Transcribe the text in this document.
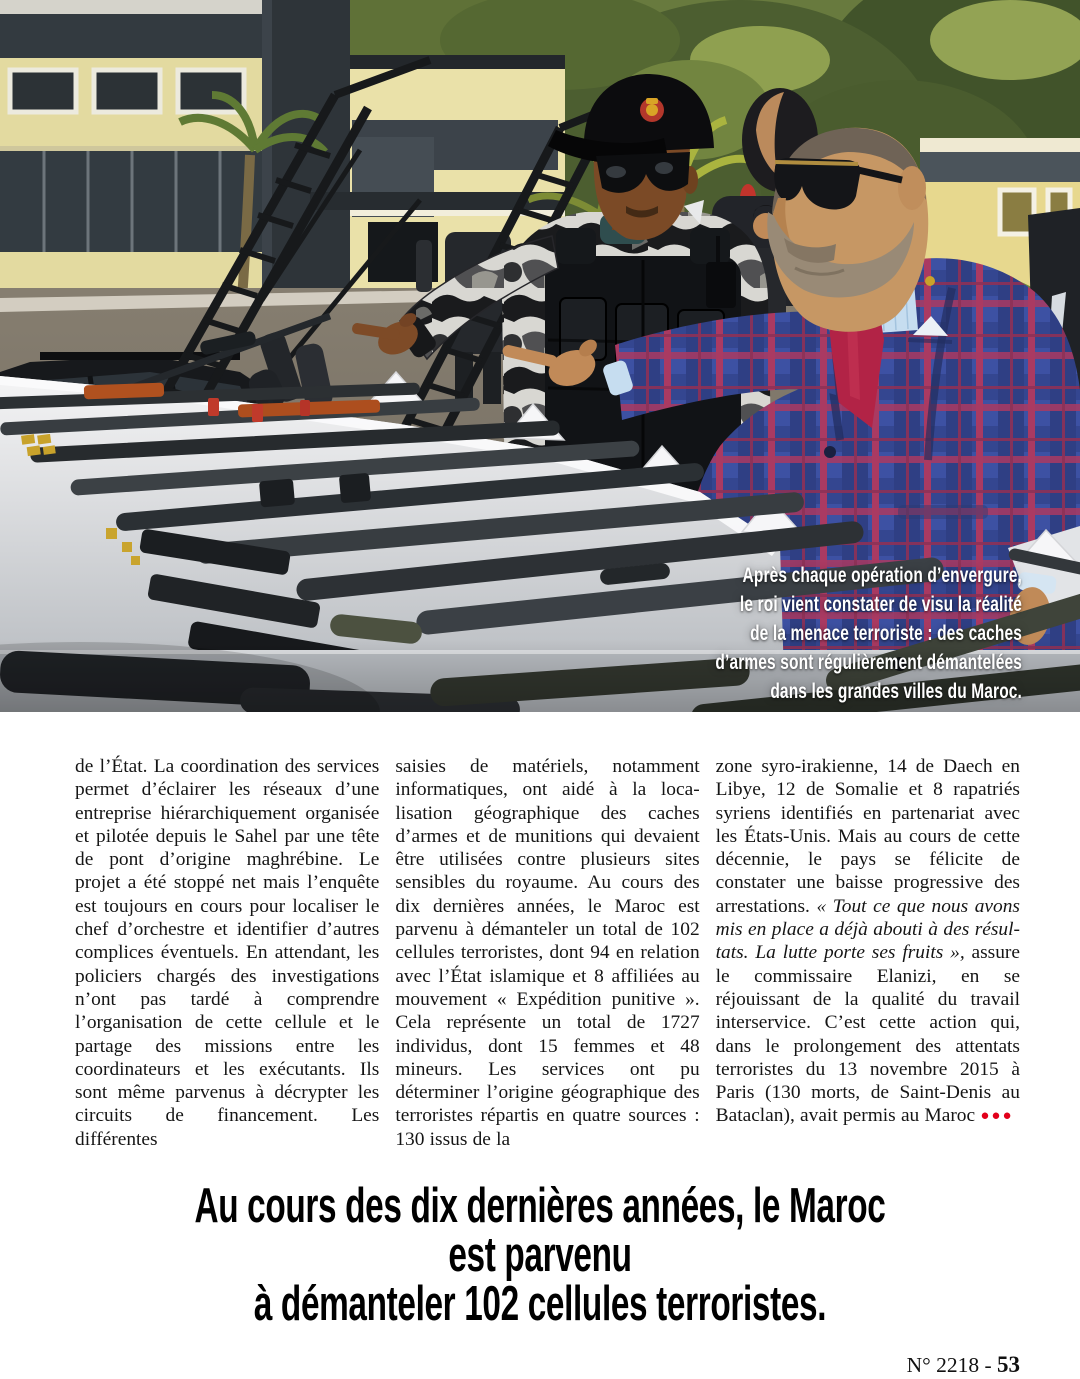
Après chaque opération d’envergure,
le roi vient constater de visu la réalité
de la menace terroriste : des caches
d’armes sont régulièrement démantelées
dans les grandes villes du Maroc.

de l’État. La coordination des services permet d’éclairer les réseaux d’une entreprise hiérarchiquement organisée et pilotée depuis le Sahel par une tête de pont d’origine maghrébine. Le projet a été stoppé net mais l’enquête est toujours en cours pour localiser le chef d’orchestre et identifier d’autres complices éventuels. En attendant, les policiers chargés des investigations n’ont pas tardé à comprendre l’organisation de cette cellule et le partage des missions entre les coordinateurs et les exécutants. Ils sont même parvenus à décrypter les circuits de financement. Les différentes

saisies de matériels, notamment informatiques, ont aidé à la localisation géographique des caches d’armes et de munitions qui devaient être utilisées contre plusieurs sites sensibles du royaume. Au cours des dix dernières années, le Maroc est parvenu à démanteler un total de 102 cellules terroristes, dont 94 en relation avec l’État islamique et 8 affiliées au mouvement « Expédition punitive ». Cela représente un total de 1727 individus, dont 15 femmes et 48 mineurs. Les services ont pu déterminer l’origine géographique des terroristes répartis en quatre sources : 130 issus de la

zone syro-irakienne, 14 de Daech en Libye, 12 de Somalie et 8 rapatriés syriens identifiés en partenariat avec les États-Unis. Mais au cours de cette décennie, le pays se félicite de constater une baisse progressive des arrestations. « Tout ce que nous avons mis en place a déjà abouti à des résultats. La lutte porte ses fruits », assure le commissaire Elanizi, en se réjouissant de la qualité du travail interservice. C’est cette action qui, dans le prolongement des attentats terroristes du 13 novembre 2015 à Paris (130 morts, de Saint-Denis au Bataclan), avait permis au Maroc ●●●

Au cours des dix dernières années, le Maroc est parvenu
à démanteler 102 cellules terroristes.
N° 2218 - 53
